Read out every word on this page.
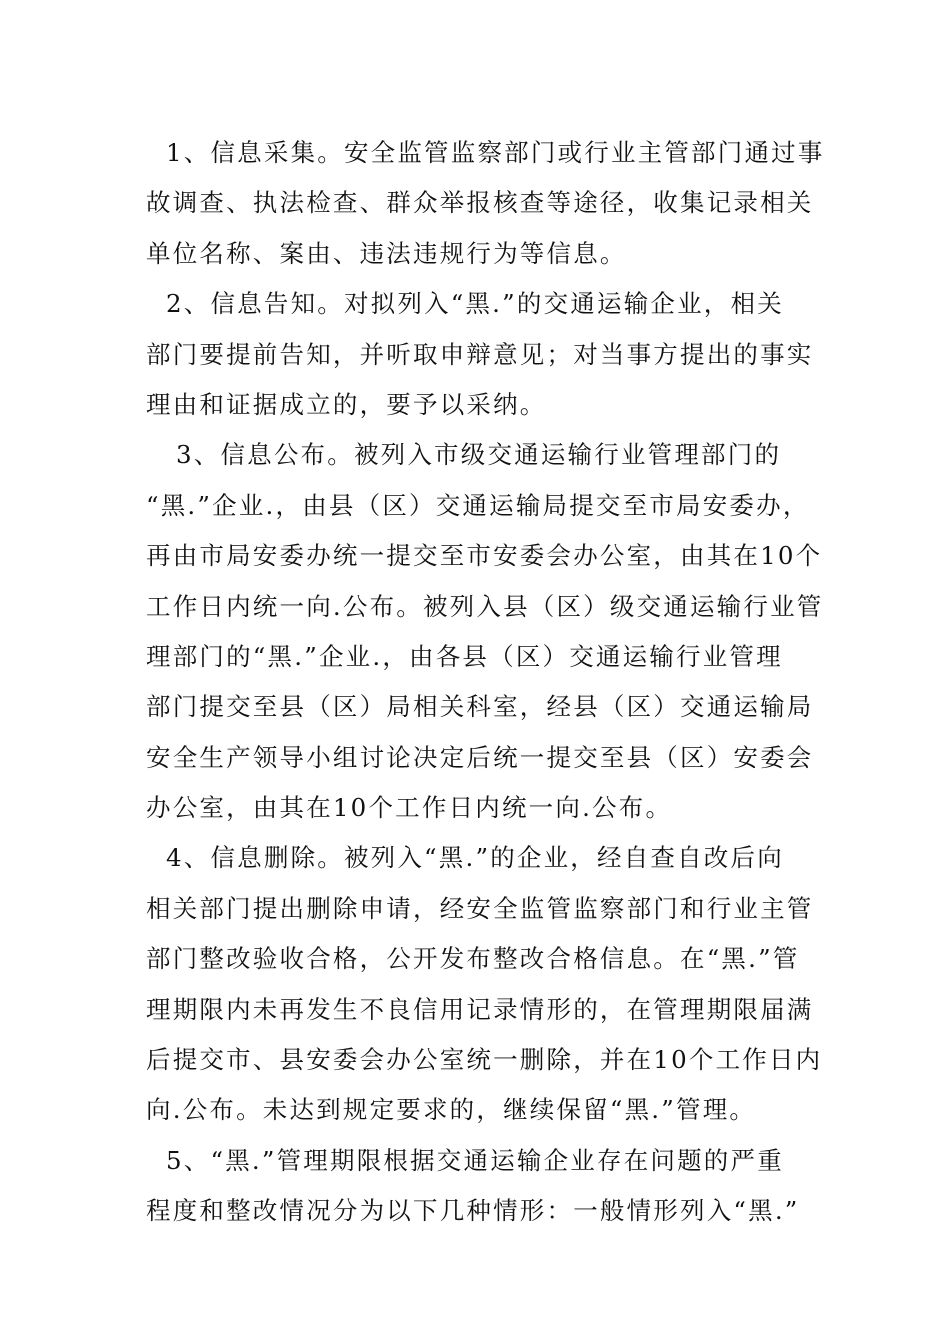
1、信息采集。安全监管监察部门或行业主管部门通过事
故调查、执法检查、群众举报核查等途径，收集记录相关
单位名称、案由、违法违规行为等信息。
2、信息告知。对拟列入“黑.”的交通运输企业，相关
部门要提前告知，并听取申辩意见；对当事方提出的事实
理由和证据成立的，要予以采纳。
3、信息公布。被列入市级交通运输行业管理部门的
“黑.”企业.，由县（区）交通运输局提交至市局安委办，
再由市局安委办统一提交至市安委会办公室，由其在10个
工作日内统一向.公布。被列入县（区）级交通运输行业管
理部门的“黑.”企业.，由各县（区）交通运输行业管理
部门提交至县（区）局相关科室，经县（区）交通运输局
安全生产领导小组讨论决定后统一提交至县（区）安委会
办公室，由其在10个工作日内统一向.公布。
4、信息删除。被列入“黑.”的企业，经自查自改后向
相关部门提出删除申请，经安全监管监察部门和行业主管
部门整改验收合格，公开发布整改合格信息。在“黑.”管
理期限内未再发生不良信用记录情形的，在管理期限届满
后提交市、县安委会办公室统一删除，并在10个工作日内
向.公布。未达到规定要求的，继续保留“黑.”管理。
5、“黑.”管理期限根据交通运输企业存在问题的严重
程度和整改情况分为以下几种情形：一般情形列入“黑.”
